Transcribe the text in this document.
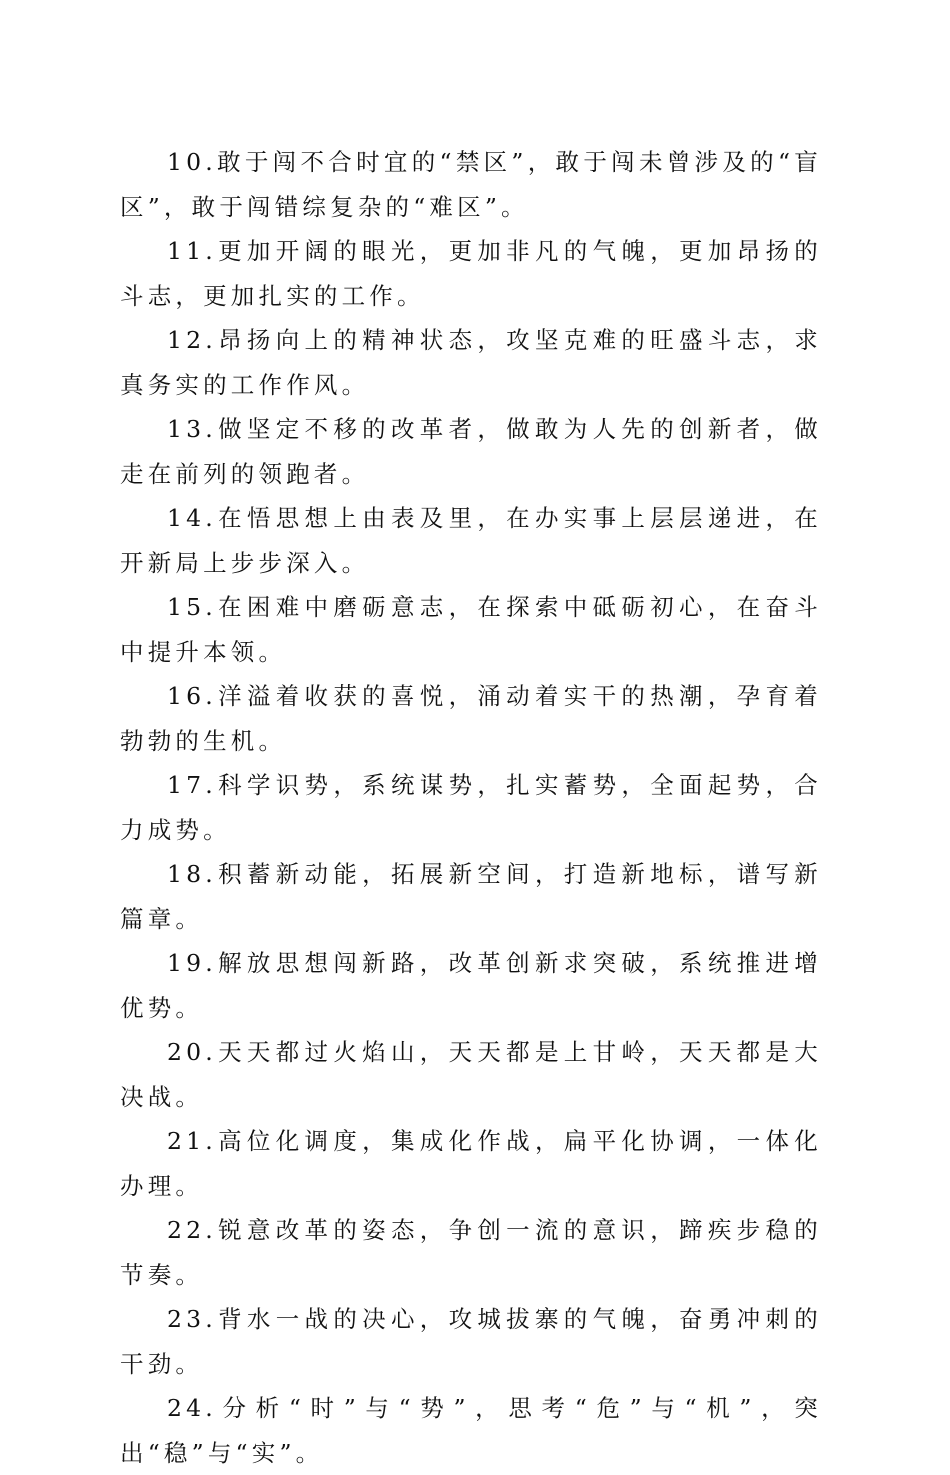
10.敢于闯不合时宜的“禁区”，敢于闯未曾涉及的“盲区”，敢于闯错综复杂的“难区”。

11.更加开阔的眼光，更加非凡的气魄，更加昂扬的斗志，更加扎实的工作。

12.昂扬向上的精神状态，攻坚克难的旺盛斗志，求真务实的工作作风。

13.做坚定不移的改革者，做敢为人先的创新者，做走在前列的领跑者。

14.在悟思想上由表及里，在办实事上层层递进，在开新局上步步深入。

15.在困难中磨砺意志，在探索中砥砺初心，在奋斗中提升本领。

16.洋溢着收获的喜悦，涌动着实干的热潮，孕育着勃勃的生机。

17.科学识势，系统谋势，扎实蓄势，全面起势，合力成势。

18.积蓄新动能，拓展新空间，打造新地标，谱写新篇章。

19.解放思想闯新路，改革创新求突破，系统推进增优势。

20.天天都过火焰山，天天都是上甘岭，天天都是大决战。

21.高位化调度，集成化作战，扁平化协调，一体化办理。

22.锐意改革的姿态，争创一流的意识，蹄疾步稳的节奏。

23.背水一战的决心，攻城拔寨的气魄，奋勇冲刺的干劲。

24.分析“时”与“势”，思考“危”与“机”，突出“稳”与“实”。
